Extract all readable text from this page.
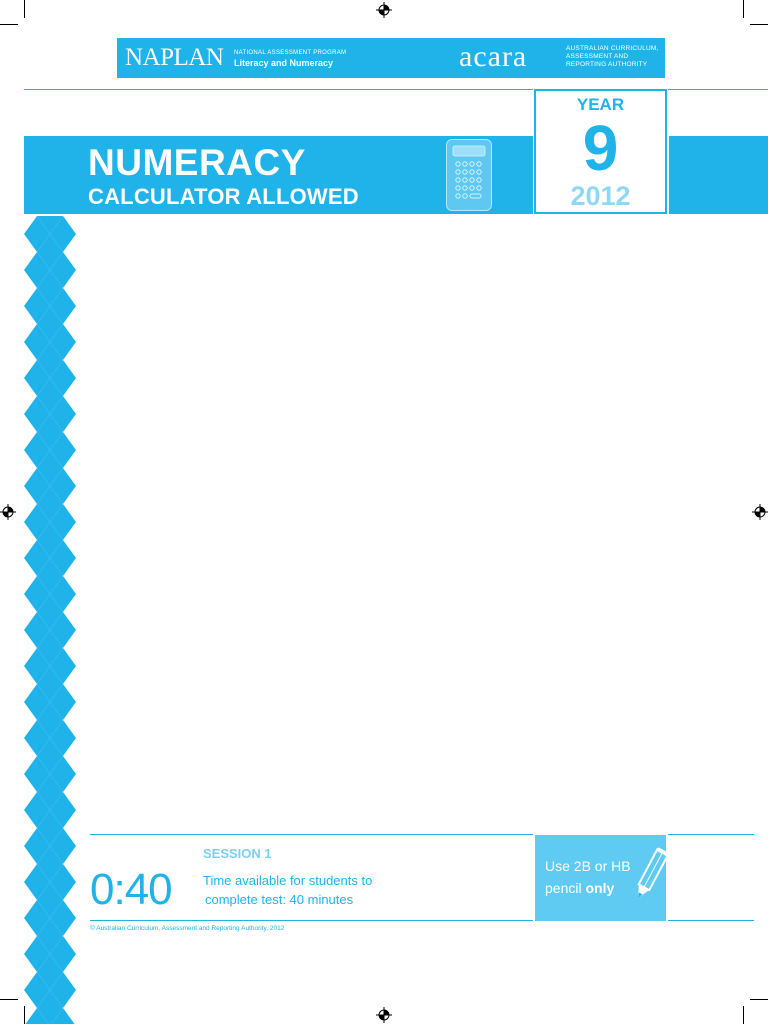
NAPLAN NATIONAL ASSESSMENT PROGRAM
Literacy and Numeracy	acara	AUSTRALIAN CURRICULUM,
ASSESSMENT AND
REPORTING AUTHORITY
NUMERACY
CALCULATOR ALLOWED
YEAR
9
2012
SESSION 1
0:40 Time available for students to
complete test: 40 minutes
Use 2B or HB
pencil only
© Australian Curriculum, Assessment and Reporting Authority, 2012
